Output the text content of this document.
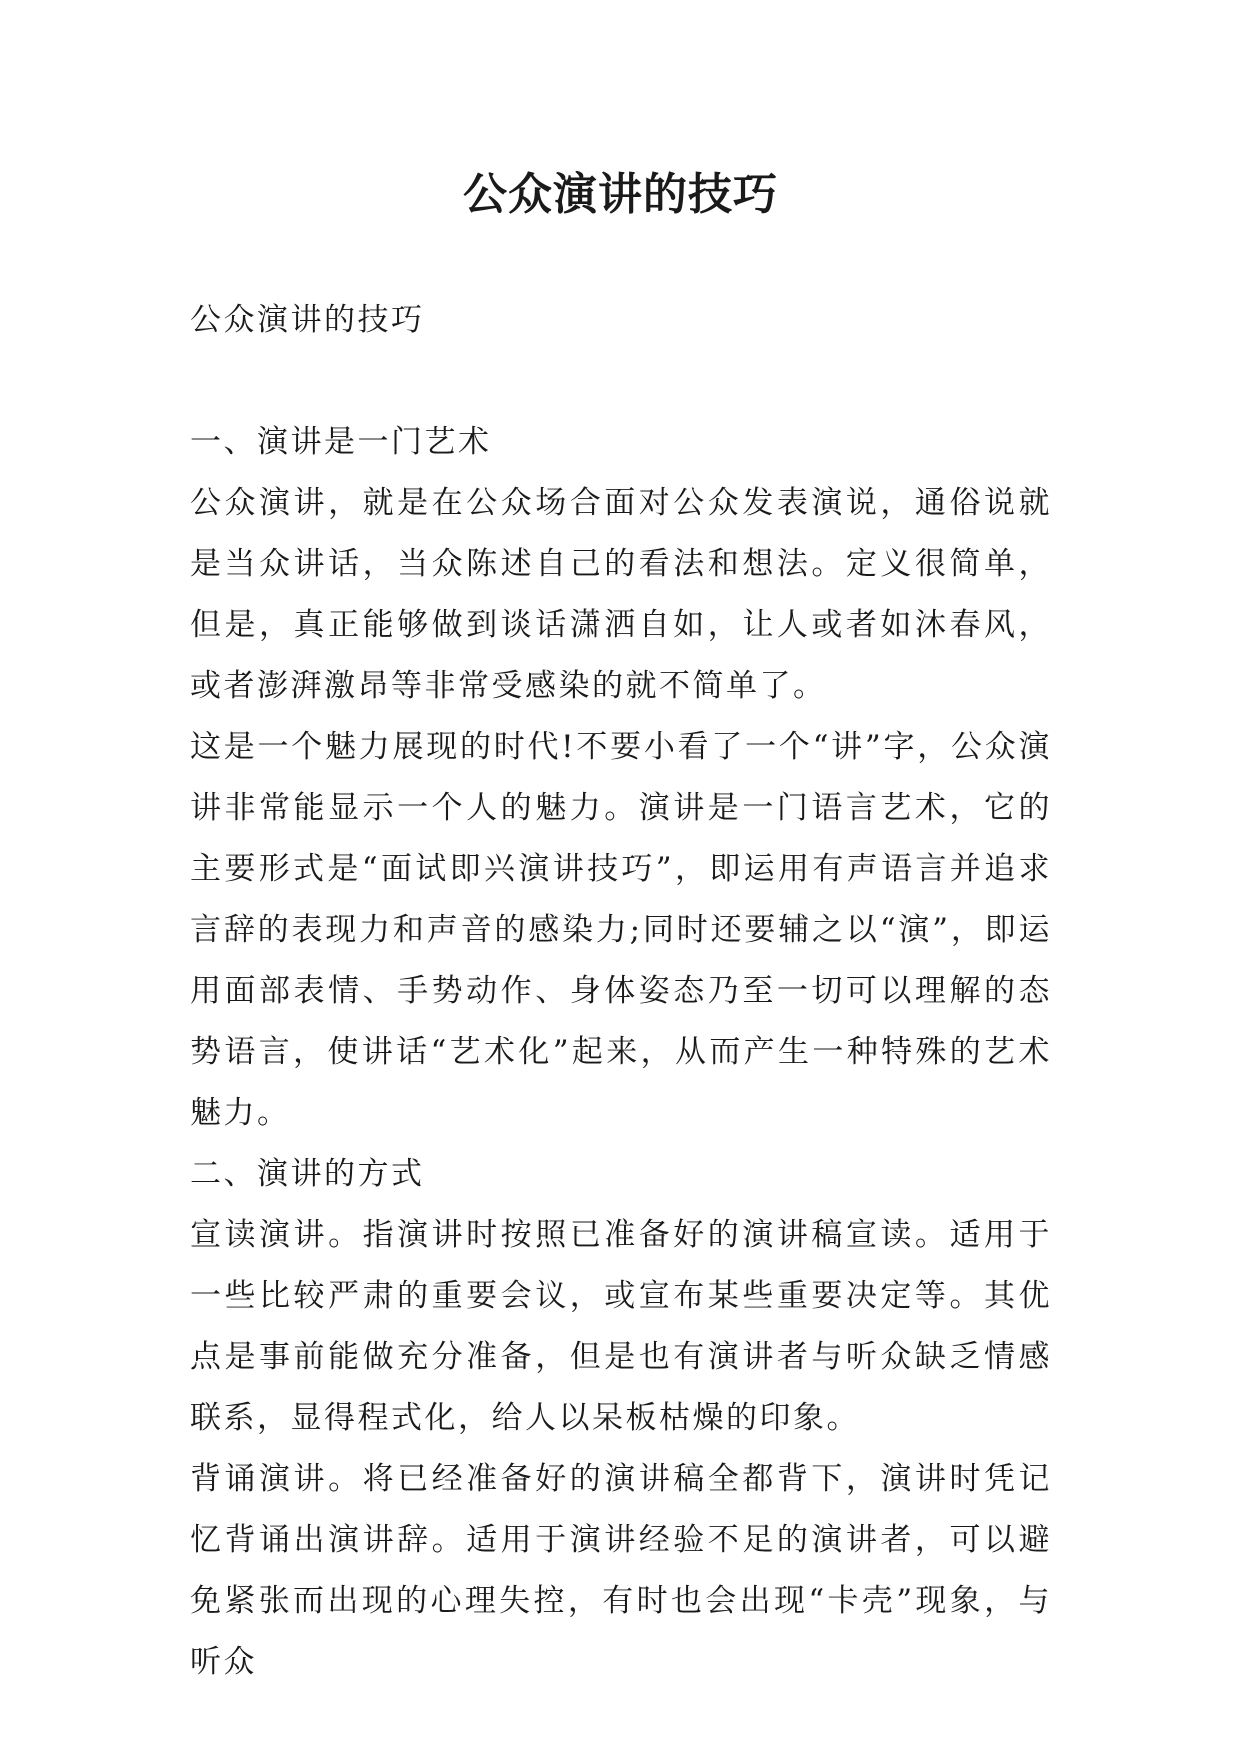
公众演讲的技巧

公众演讲的技巧

一、演讲是一门艺术

公众演讲，就是在公众场合面对公众发表演说，通俗说就是当众讲话，当众陈述自己的看法和想法。定义很简单，但是，真正能够做到谈话潇洒自如，让人或者如沐春风，或者澎湃激昂等非常受感染的就不简单了。

这是一个魅力展现的时代!不要小看了一个“讲”字，公众演讲非常能显示一个人的魅力。演讲是一门语言艺术，它的主要形式是“面试即兴演讲技巧”，即运用有声语言并追求言辞的表现力和声音的感染力;同时还要辅之以“演”，即运用面部表情、手势动作、身体姿态乃至一切可以理解的态势语言，使讲话“艺术化”起来，从而产生一种特殊的艺术魅力。

二、演讲的方式

宣读演讲。指演讲时按照已准备好的演讲稿宣读。适用于一些比较严肃的重要会议，或宣布某些重要决定等。其优点是事前能做充分准备，但是也有演讲者与听众缺乏情感联系，显得程式化，给人以呆板枯燥的印象。

背诵演讲。将已经准备好的演讲稿全都背下，演讲时凭记忆背诵出演讲辞。适用于演讲经验不足的演讲者，可以避免紧张而出现的心理失控，有时也会出现“卡壳”现象，与听众
